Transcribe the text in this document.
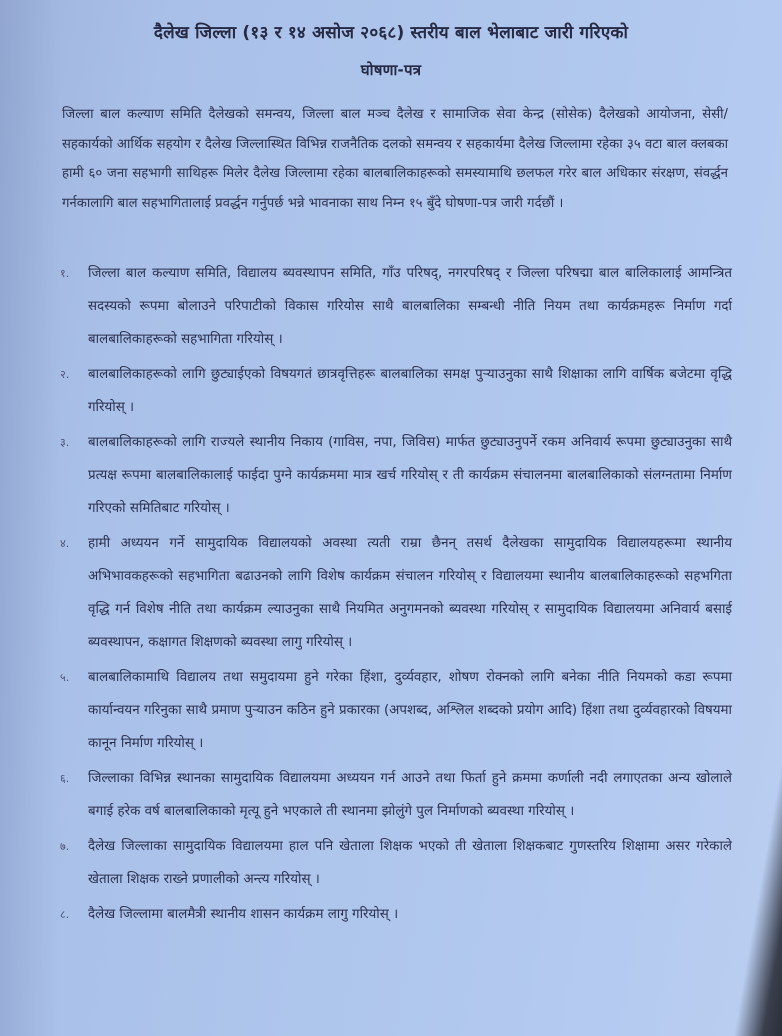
दैलेख जिल्ला (१३ र १४ असोज २०६८) स्तरीय बाल भेलाबाट जारी गरिएको
घोषणा-पत्र

जिल्ला बाल कल्याण समिति दैलेखको समन्वय, जिल्ला बाल मञ्च दैलेख र सामाजिक सेवा केन्द्र (सोसेक) दैलेखको आयोजना, सेसी/सहकार्यको आर्थिक सहयोग र दैलेख जिल्लास्थित विभिन्न राजनैतिक दलको समन्वय र सहकार्यमा दैलेख जिल्लामा रहेका ३५ वटा बाल क्लबका हामी ६० जना सहभागी साथिहरू मिलेर दैलेख जिल्लामा रहेका बालबालिकाहरूको समस्यामाथि छलफल गरेर बाल अधिकार संरक्षण, संवर्द्धन गर्नकालागि बाल सहभागितालाई प्रवर्द्धन गर्नुपर्छ भन्ने भावनाका साथ निम्न १५ बुँदे घोषणा-पत्र जारी गर्दछौं ।

१.	जिल्ला बाल कल्याण समिति, विद्यालय ब्यवस्थापन समिति, गाँउ परिषद्, नगरपरिषद् र जिल्ला परिषद्मा बाल बालिकालाई आमन्त्रित सदस्यको रूपमा बोलाउने परिपाटीको विकास गरियोस साथै बालबालिका सम्बन्धी नीति नियम तथा कार्यक्रमहरू निर्माण गर्दा बालबालिकाहरूको सहभागिता गरियोस् ।
२.	बालबालिकाहरूको लागि छुट्याईएको विषयगतं छात्रवृत्तिहरू बालबालिका समक्ष पुऱ्याउनुका साथै शिक्षाका लागि वार्षिक बजेटमा वृद्धि गरियोस् ।
३.	बालबालिकाहरूको लागि राज्यले स्थानीय निकाय (गाविस, नपा, जिविस) मार्फत छुट्याउनुपर्ने रकम अनिवार्य रूपमा छुट्याउनुका साथै प्रत्यक्ष रूपमा बालबालिकालाई फाईदा पुग्ने कार्यक्रममा मात्र खर्च गरियोस् र ती कार्यक्रम संचालनमा बालबालिकाको संलग्नतामा निर्माण गरिएको समितिबाट गरियोस् ।
४.	हामी अध्ययन गर्ने सामुदायिक विद्यालयको अवस्था त्यती राम्रा छैनन् तसर्थ दैलेखका सामुदायिक विद्यालयहरूमा स्थानीय अभिभावकहरूको सहभागिता बढाउनको लागि विशेष कार्यक्रम संचालन गरियोस् र विद्यालयमा स्थानीय बालबालिकाहरूको सहभगिता वृद्धि गर्न विशेष नीति तथा कार्यक्रम ल्याउनुका साथै नियमित अनुगमनको ब्यवस्था गरियोस् र सामुदायिक विद्यालयमा अनिवार्य बसाई ब्यवस्थापन, कक्षागत शिक्षणको ब्यवस्था लागु गरियोस् ।
५.	बालबालिकामाथि विद्यालय तथा समुदायमा हुने गरेका हिंशा, दुर्व्यवहार, शोषण रोक्नको लागि बनेका नीति नियमको कडा रूपमा कार्यान्वयन गरिनुका साथै प्रमाण पुऱ्याउन कठिन हुने प्रकारका (अपशब्द, अश्लिल शब्दको प्रयोग आदि) हिंशा तथा दुर्व्यवहारको विषयमा कानून निर्माण गरियोस् ।
६.	जिल्लाका विभिन्न स्थानका सामुदायिक विद्यालयमा अध्ययन गर्न आउने तथा फिर्ता हुने क्रममा कर्णाली नदी लगाएतका अन्य खोलाले बगाई हरेक वर्ष बालबालिकाको मृत्यू हुने भएकाले ती स्थानमा झोलुंगे पुल निर्माणको ब्यवस्था गरियोस् ।
७.	दैलेख जिल्लाका सामुदायिक विद्यालयमा हाल पनि खेताला शिक्षक भएको ती खेताला शिक्षकबाट गुणस्तरिय शिक्षामा असर गरेकाले खेताला शिक्षक राख्ने प्रणालीको अन्त्य गरियोस् ।
८.	दैलेख जिल्लामा बालमैत्री स्थानीय शासन कार्यक्रम लागु गरियोस् ।
